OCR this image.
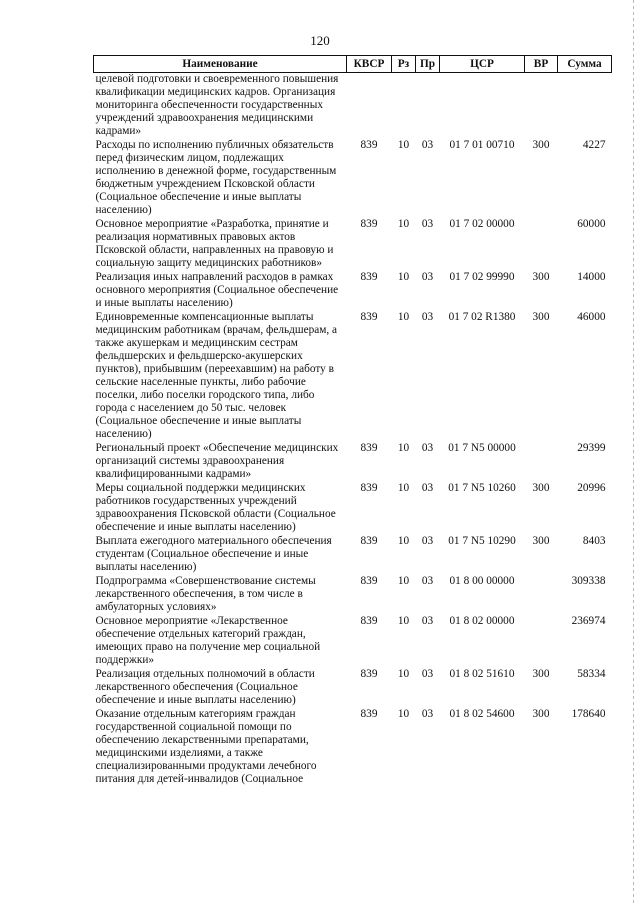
120
Наименование	КВСР	Рз	Пр	ЦСР	ВР	Сумма
целевой подготовки и своевременного повышения квалификации медицинских кадров. Организация мониторинга обеспеченности государственных учреждений здравоохранения медицинскими кадрами»						
Расходы по исполнению публичных обязательств перед физическим лицом, подлежащих исполнению в денежной форме, государственным бюджетным учреждением Псковской области (Социальное обеспечение и иные выплаты населению)	839	10	03	01 7 01 00710	300	4227
Основное мероприятие «Разработка, принятие и реализация нормативных правовых актов Псковской области, направленных на правовую и социальную защиту медицинских работников»	839	10	03	01 7 02 00000		60000
Реализация иных направлений расходов в рамках основного мероприятия (Социальное обеспечение и иные выплаты населению)	839	10	03	01 7 02 99990	300	14000
Единовременные компенсационные выплаты медицинским работникам (врачам, фельдшерам, а также акушеркам и медицинским сестрам фельдшерских и фельдшерско-акушерских пунктов), прибывшим (переехавшим) на работу в сельские населенные пункты, либо рабочие поселки, либо поселки городского типа, либо города с населением до 50 тыс. человек (Социальное обеспечение и иные выплаты населению)	839	10	03	01 7 02 R1380	300	46000
Региональный проект «Обеспечение медицинских организаций системы здравоохранения квалифицированными кадрами»	839	10	03	01 7 N5 00000		29399
Меры социальной поддержки медицинских работников государственных учреждений здравоохранения Псковской области (Социальное обеспечение и иные выплаты населению)	839	10	03	01 7 N5 10260	300	20996
Выплата ежегодного материального обеспечения студентам (Социальное обеспечение и иные выплаты населению)	839	10	03	01 7 N5 10290	300	8403
Подпрограмма «Совершенствование системы лекарственного обеспечения, в том числе в амбулаторных условиях»	839	10	03	01 8 00 00000		309338
Основное мероприятие «Лекарственное обеспечение отдельных категорий граждан, имеющих право на получение мер социальной поддержки»	839	10	03	01 8 02 00000		236974
Реализация отдельных полномочий в области лекарственного обеспечения (Социальное обеспечение и иные выплаты населению)	839	10	03	01 8 02 51610	300	58334
Оказание отдельным категориям граждан государственной социальной помощи по обеспечению лекарственными препаратами, медицинскими изделиями, а также специализированными продуктами лечебного питания для детей-инвалидов (Социальное	839	10	03	01 8 02 54600	300	178640
